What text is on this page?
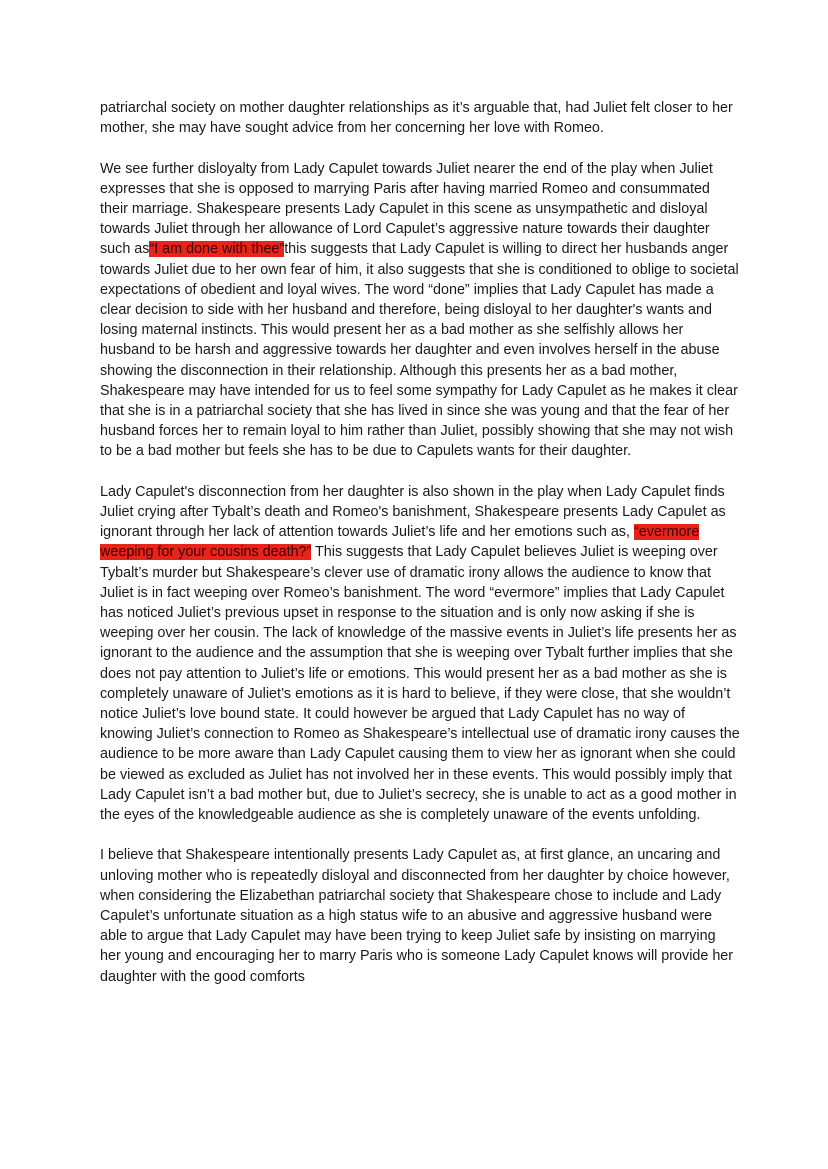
patriarchal society on mother daughter relationships as it’s arguable that, had Juliet felt closer to her mother, she may have sought advice from her concerning her love with Romeo.

We see further disloyalty from Lady Capulet towards Juliet nearer the end of the play when Juliet expresses that she is opposed to marrying Paris after having married Romeo and consummated their marriage. Shakespeare presents Lady Capulet in this scene as unsympathetic and disloyal towards Juliet through her allowance of Lord Capulet’s aggressive nature towards their daughter such as“I am done with thee”this suggests that Lady Capulet is willing to direct her husbands anger towards Juliet due to her own fear of him, it also suggests that she is conditioned to oblige to societal expectations of obedient and loyal wives. The word “done” implies that Lady Capulet has made a clear decision to side with her husband and therefore, being disloyal to her daughter's wants and losing maternal instincts. This would present her as a bad mother as she selfishly allows her husband to be harsh and aggressive towards her daughter and even involves herself in the abuse showing the disconnection in their relationship. Although this presents her as a bad mother, Shakespeare may have intended for us to feel some sympathy for Lady Capulet as he makes it clear that she is in a patriarchal society that she has lived in since she was young and that the fear of her husband forces her to remain loyal to him rather than Juliet, possibly showing that she may not wish to be a bad mother but feels she has to be due to Capulets wants for their daughter.

Lady Capulet's disconnection from her daughter is also shown in the play when Lady Capulet finds Juliet crying after Tybalt’s death and Romeo's banishment, Shakespeare presents Lady Capulet as ignorant through her lack of attention towards Juliet’s life and her emotions such as, “evermore weeping for your cousins death?” This suggests that Lady Capulet believes Juliet is weeping over Tybalt’s murder but Shakespeare’s clever use of dramatic irony allows the audience to know that Juliet is in fact weeping over Romeo’s banishment. The word “evermore” implies that Lady Capulet has noticed Juliet’s previous upset in response to the situation and is only now asking if she is weeping over her cousin. The lack of knowledge of the massive events in Juliet’s life presents her as ignorant to the audience and the assumption that she is weeping over Tybalt further implies that she does not pay attention to Juliet’s life or emotions. This would present her as a bad mother as she is completely unaware of Juliet’s emotions as it is hard to believe, if they were close, that she wouldn’t notice Juliet’s love bound state. It could however be argued that Lady Capulet has no way of knowing Juliet’s connection to Romeo as Shakespeare’s intellectual use of dramatic irony causes the audience to be more aware than Lady Capulet causing them to view her as ignorant when she could be viewed as excluded as Juliet has not involved her in these events. This would possibly imply that Lady Capulet isn’t a bad mother but, due to Juliet’s secrecy, she is unable to act as a good mother in the eyes of the knowledgeable audience as she is completely unaware of the events unfolding.

I believe that Shakespeare intentionally presents Lady Capulet as, at first glance, an uncaring and unloving mother who is repeatedly disloyal and disconnected from her daughter by choice however, when considering the Elizabethan patriarchal society that Shakespeare chose to include and Lady Capulet’s unfortunate situation as a high status wife to an abusive and aggressive husband were able to argue that Lady Capulet may have been trying to keep Juliet safe by insisting on marrying her young and encouraging her to marry Paris who is someone Lady Capulet knows will provide her daughter with the good comforts
